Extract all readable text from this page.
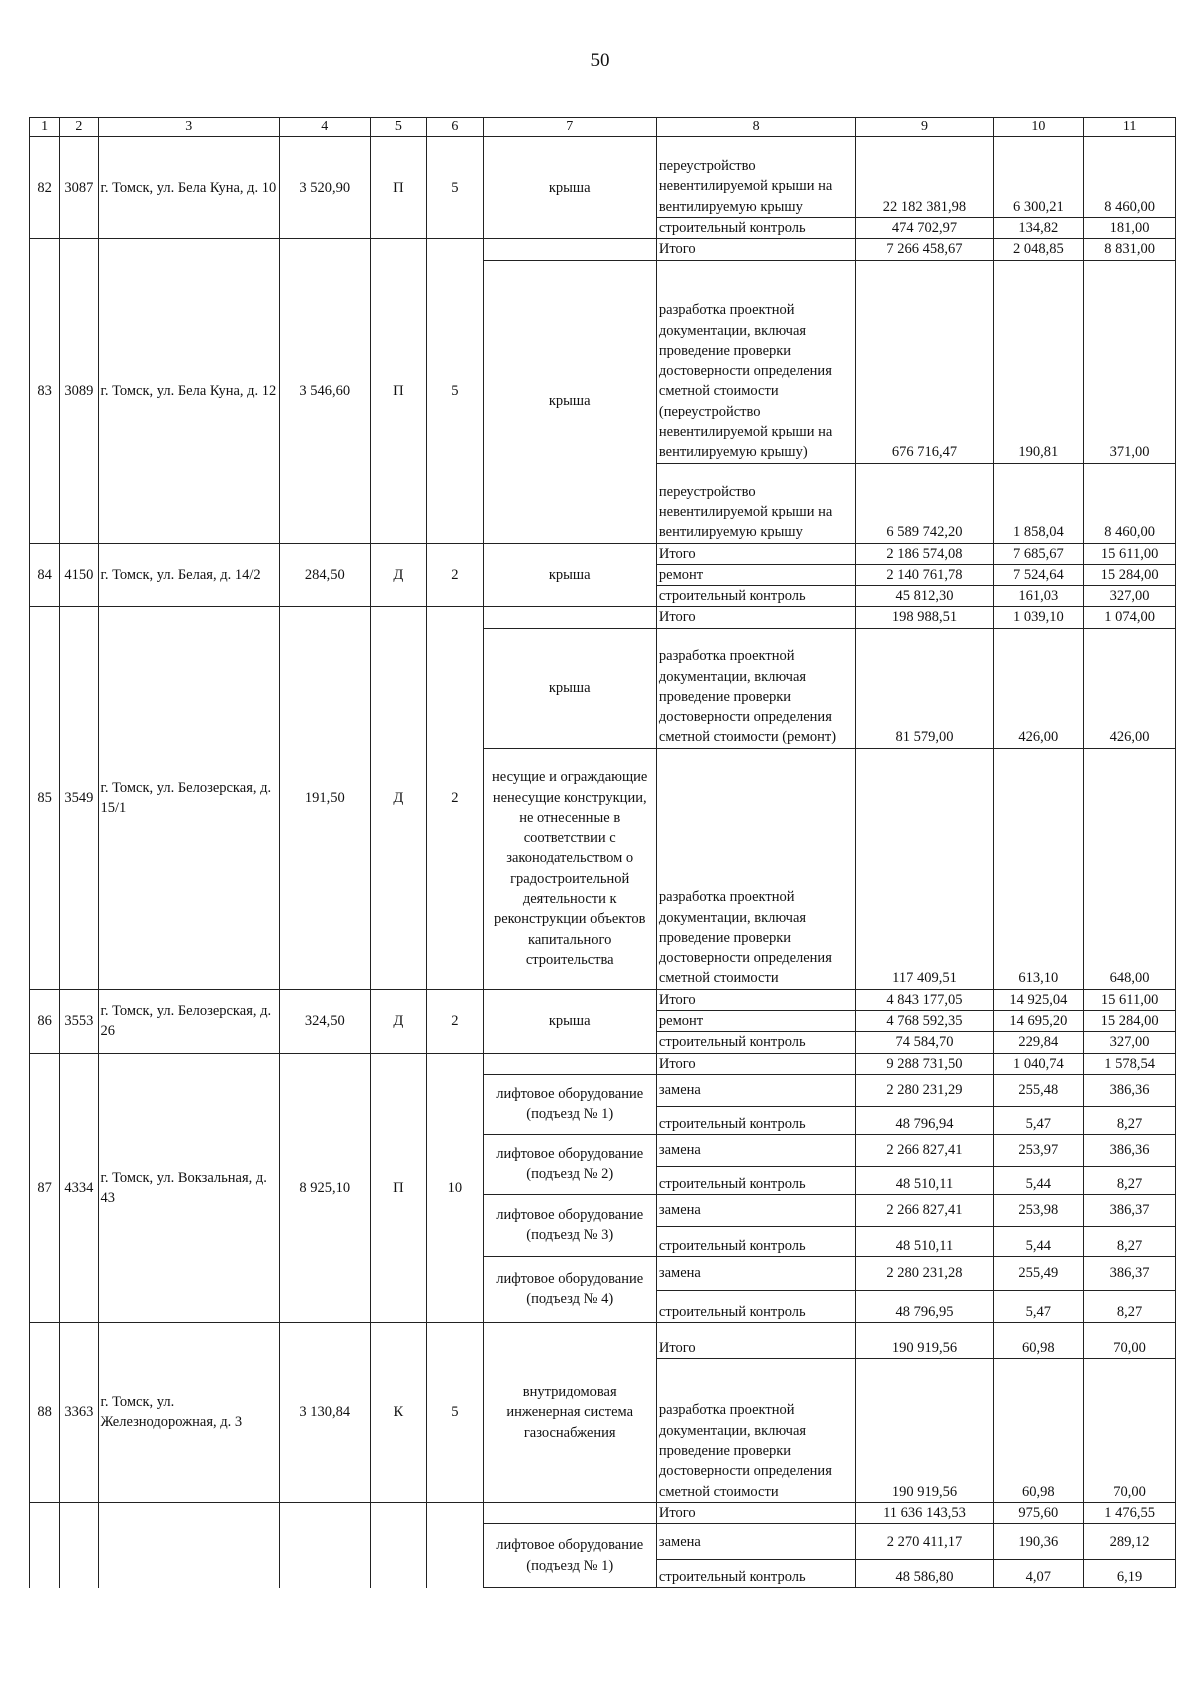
50
1	2	3	4	5	6	7	8	9	10	11
82	3087	г. Томск, ул. Бела Куна, д. 10	3 520,90	П	5	крыша	переустройство невентилируемой крыши на вентилируемую крышу	22 182 381,98	6 300,21	8 460,00
							строительный контроль	474 702,97	134,82	181,00
83	3089	г. Томск, ул. Бела Куна, д. 12	3 546,60	П	5		Итого	7 266 458,67	2 048,85	8 831,00
						крыша	разработка проектной документации, включая проведение проверки достоверности определения сметной стоимости (переустройство невентилируемой крыши на вентилируемую крышу)	676 716,47	190,81	371,00
							переустройство невентилируемой крыши на вентилируемую крышу	6 589 742,20	1 858,04	8 460,00
84	4150	г. Томск, ул. Белая, д. 14/2	284,50	Д	2	крыша	Итого	2 186 574,08	7 685,67	15 611,00
							ремонт	2 140 761,78	7 524,64	15 284,00
							строительный контроль	45 812,30	161,03	327,00
85	3549	г. Томск, ул. Белозерская, д. 15/1	191,50	Д	2		Итого	198 988,51	1 039,10	1 074,00
						крыша	разработка проектной документации, включая проведение проверки достоверности определения сметной стоимости (ремонт)	81 579,00	426,00	426,00
						несущие и ограждающие ненесущие конструкции, не отнесенные в соответствии с законодательством о градостроительной деятельности к реконструкции объектов капитального строительства	разработка проектной документации, включая проведение проверки достоверности определения сметной стоимости	117 409,51	613,10	648,00
86	3553	г. Томск, ул. Белозерская, д. 26	324,50	Д	2	крыша	Итого	4 843 177,05	14 925,04	15 611,00
							ремонт	4 768 592,35	14 695,20	15 284,00
							строительный контроль	74 584,70	229,84	327,00
87	4334	г. Томск, ул. Вокзальная, д. 43	8 925,10	П	10		Итого	9 288 731,50	1 040,74	1 578,54
						лифтовое оборудование (подъезд № 1)	замена	2 280 231,29	255,48	386,36
							строительный контроль	48 796,94	5,47	8,27
						лифтовое оборудование (подъезд № 2)	замена	2 266 827,41	253,97	386,36
							строительный контроль	48 510,11	5,44	8,27
						лифтовое оборудование (подъезд № 3)	замена	2 266 827,41	253,98	386,37
							строительный контроль	48 510,11	5,44	8,27
						лифтовое оборудование (подъезд № 4)	замена	2 280 231,28	255,49	386,37
							строительный контроль	48 796,95	5,47	8,27
88	3363	г. Томск, ул. Железнодорожная, д. 3	3 130,84	К	5	внутридомовая инженерная система газоснабжения	Итого	190 919,56	60,98	70,00
							разработка проектной документации, включая проведение проверки достоверности определения сметной стоимости	190 919,56	60,98	70,00
							Итого	11 636 143,53	975,60	1 476,55
						лифтовое оборудование (подъезд № 1)	замена	2 270 411,17	190,36	289,12
							строительный контроль	48 586,80	4,07	6,19
